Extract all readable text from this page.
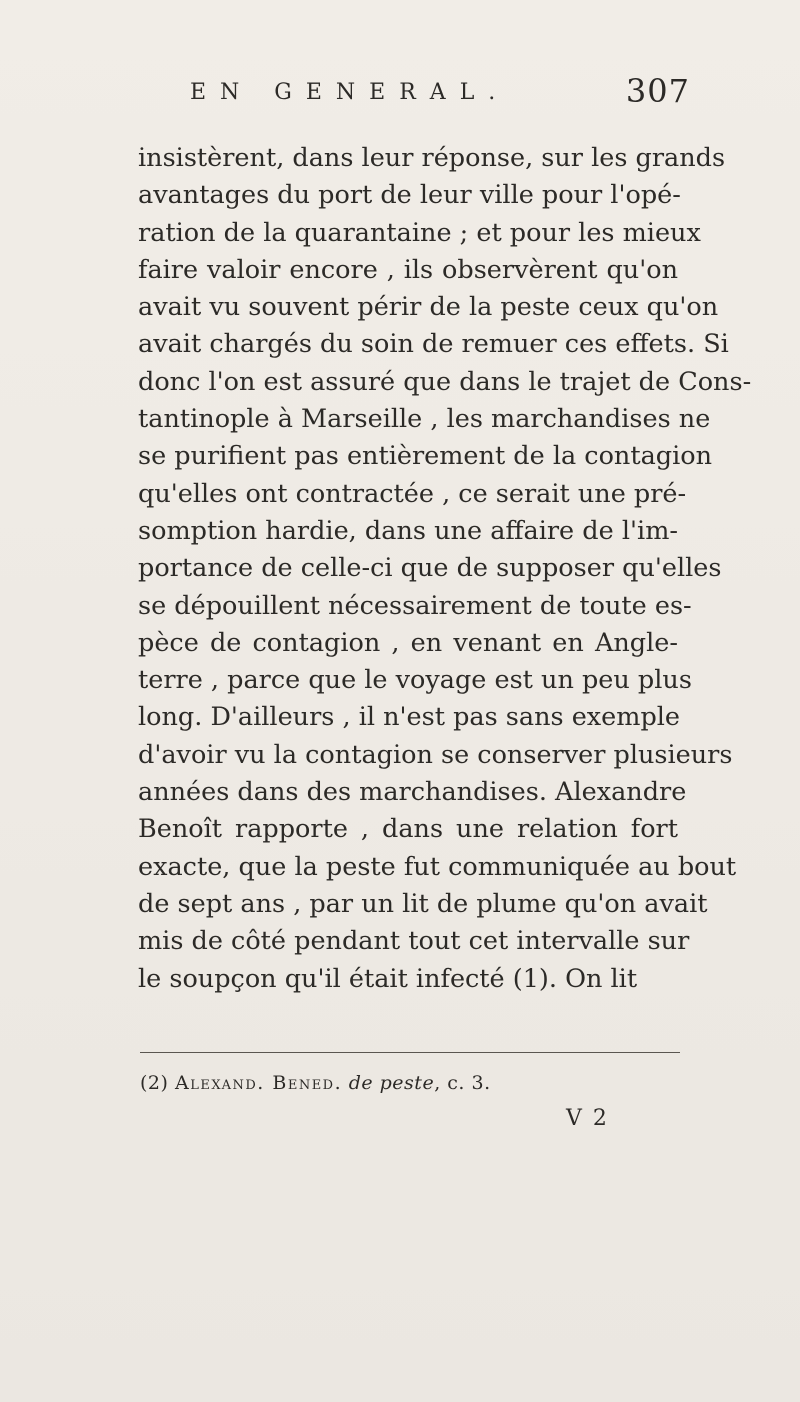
EN GENERAL.	307
insistèrent, dans leur réponse, sur les grands
avantages du port de leur ville pour l'opé-
ration de la quarantaine ; et pour les mieux
faire valoir encore , ils observèrent qu'on
avait vu souvent périr de la peste ceux qu'on
avait chargés du soin de remuer ces effets. Si
donc l'on est assuré que dans le trajet de Cons-
tantinople à Marseille , les marchandises ne
se purifient pas entièrement de la contagion
qu'elles ont contractée , ce serait une pré-
somption hardie, dans une affaire de l'im-
portance de celle-ci que de supposer qu'elles
se dépouillent nécessairement de toute es-
pèce de contagion , en venant en Angle-
terre , parce que le voyage est un peu plus
long. D'ailleurs , il n'est pas sans exemple
d'avoir vu la contagion se conserver plusieurs
années dans des marchandises. Alexandre
Benoît rapporte , dans une relation fort
exacte, que la peste fut communiquée au bout
de sept ans , par un lit de plume qu'on avait
mis de côté pendant tout cet intervalle sur
le soupçon qu'il était infecté (1). On lit
(2) Alexand. Bened. de peste, c. 3.
V 2
